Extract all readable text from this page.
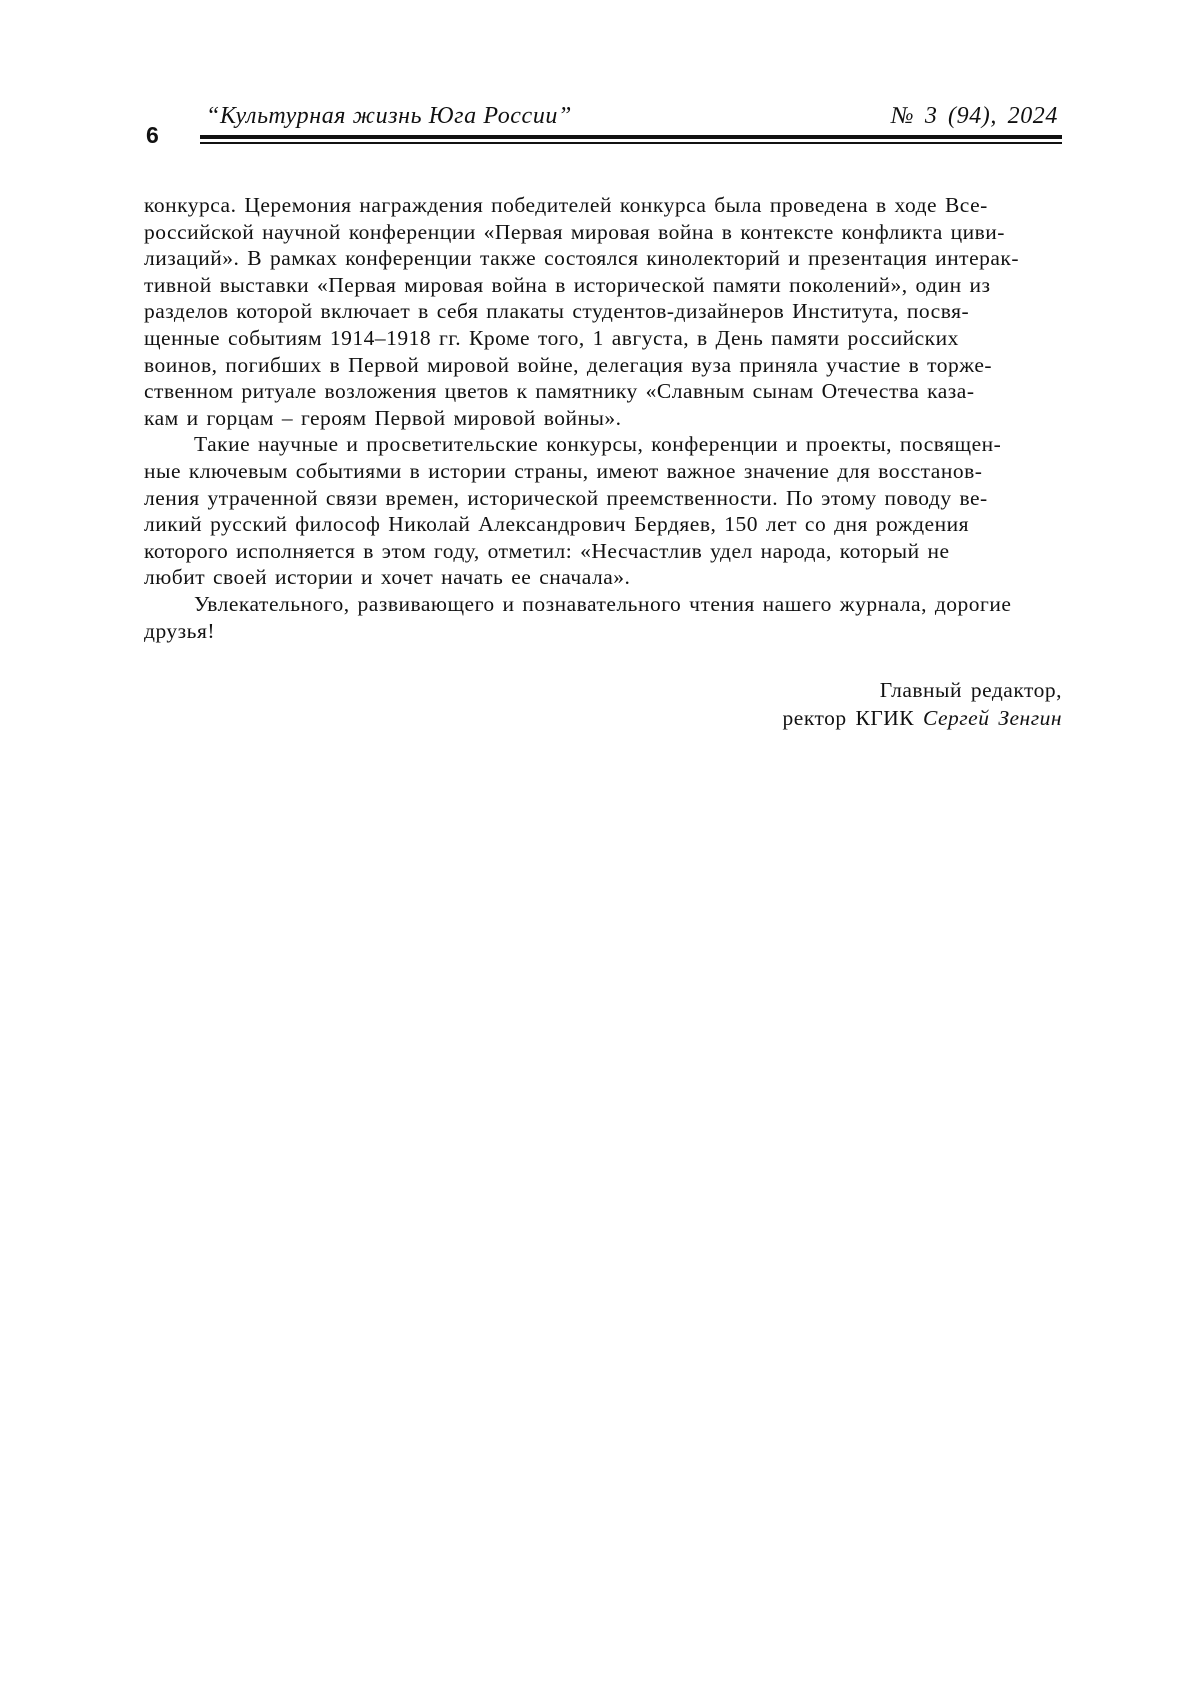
6
“Культурная жизнь Юга России”	№ 3 (94), 2024

конкурса. Церемония награждения победителей конкурса была проведена в ходе Все-
российской научной конференции «Первая мировая война в контексте конфликта циви-
лизаций». В рамках конференции также состоялся кинолекторий и презентация интерак-
тивной выставки «Первая мировая война в исторической памяти поколений», один из
разделов которой включает в себя плакаты студентов-дизайнеров Института, посвя-
щенные событиям 1914–1918 гг. Кроме того, 1 августа, в День памяти российских
воинов, погибших в Первой мировой войне, делегация вуза приняла участие в торже-
ственном ритуале возложения цветов к памятнику «Славным сынам Отечества каза-
кам и горцам – героям Первой мировой войны».

Такие научные и просветительские конкурсы, конференции и проекты, посвящен-
ные ключевым событиями в истории страны, имеют важное значение для восстанов-
ления утраченной связи времен, исторической преемственности. По этому поводу ве-
ликий русский философ Николай Александрович Бердяев, 150 лет со дня рождения
которого исполняется в этом году, отметил: «Несчастлив удел народа, который не
любит своей истории и хочет начать ее сначала».

Увлекательного, развивающего и познавательного чтения нашего журнала, дорогие
друзья!

Главный редактор,
ректор КГИК Сергей Зенгин
